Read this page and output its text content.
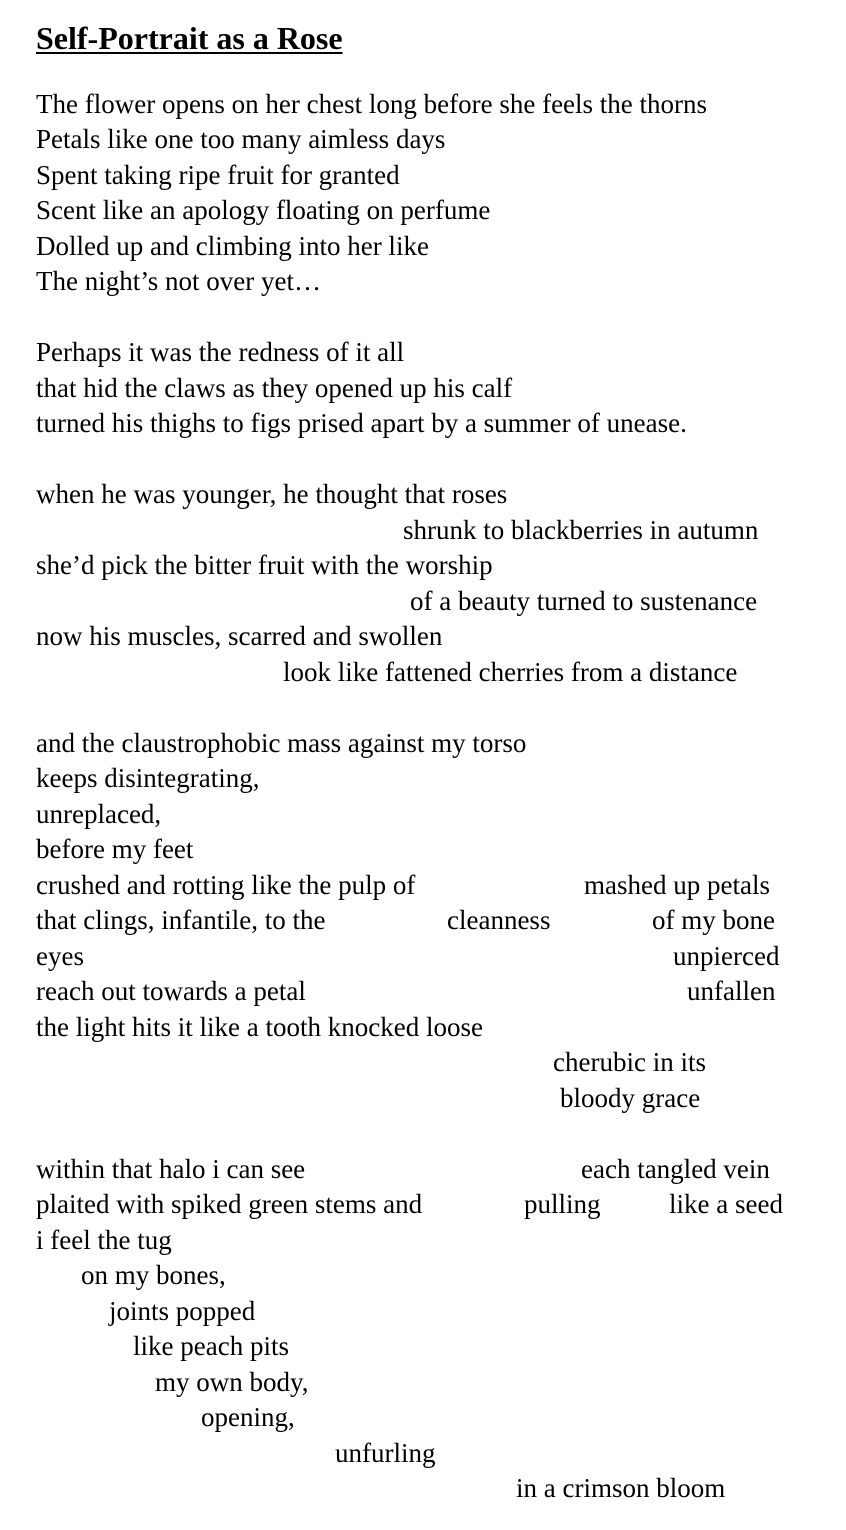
Self-Portrait as a Rose
The flower opens on her chest long before she feels the thorns
Petals like one too many aimless days
Spent taking ripe fruit for granted
Scent like an apology floating on perfume
Dolled up and climbing into her like
The night’s not over yet…
Perhaps it was the redness of it all
that hid the claws as they opened up his calf
turned his thighs to figs prised apart by a summer of unease.
when he was younger, he thought that roses
shrunk to blackberries in autumn
she’d pick the bitter fruit with the worship
of a beauty turned to sustenance
now his muscles, scarred and swollen
look like fattened cherries from a distance
and the claustrophobic mass against my torso
keeps disintegrating,
unreplaced,
before my feet
crushed and rotting like the pulp of	mashed up petals
that clings, infantile, to the	cleanness	of my bone
eyes	unpierced
reach out towards a petal	unfallen
the light hits it like a tooth knocked loose
cherubic in its
bloody grace
within that halo i can see	each tangled vein
plaited with spiked green stems and	pulling	like a seed
i feel the tug
on my bones,
joints popped
like peach pits
my own body,
opening,
unfurling
in a crimson bloom
